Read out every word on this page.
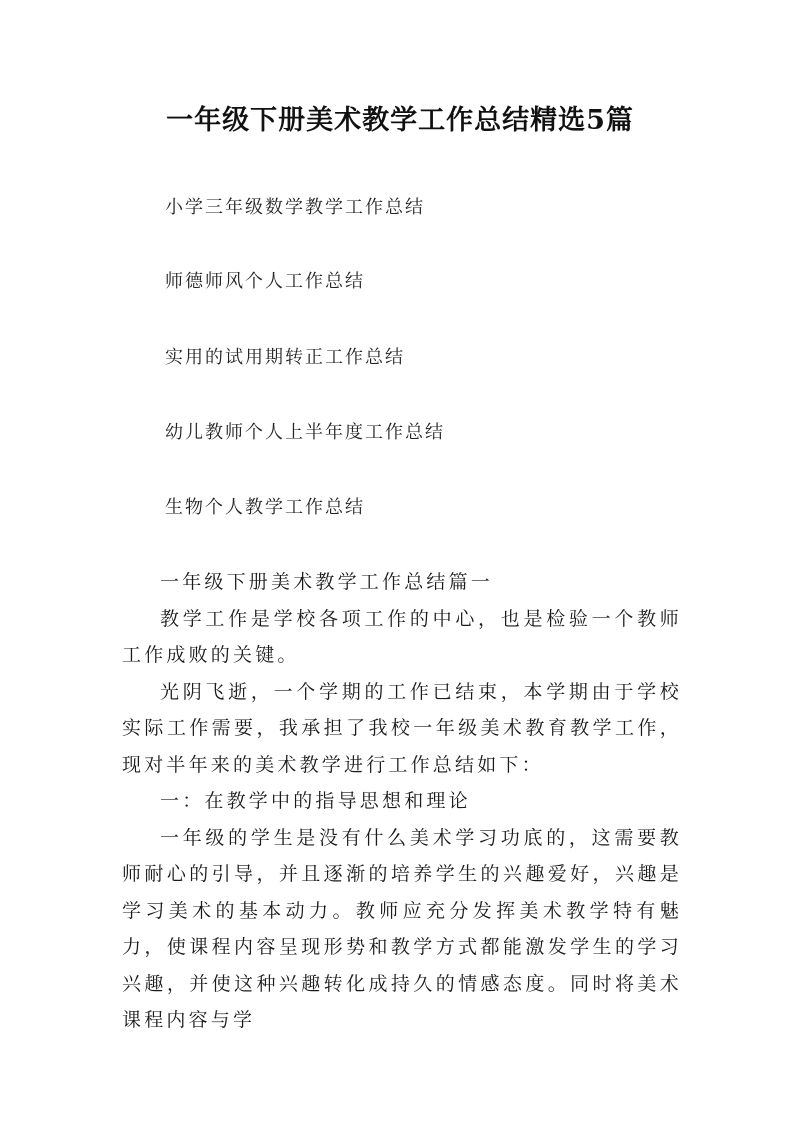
一年级下册美术教学工作总结精选5篇
小学三年级数学教学工作总结
师德师风个人工作总结
实用的试用期转正工作总结
幼儿教师个人上半年度工作总结
生物个人教学工作总结

一年级下册美术教学工作总结篇一

教学工作是学校各项工作的中心，也是检验一个教师工作成败的关键。

光阴飞逝，一个学期的工作已结束，本学期由于学校实际工作需要，我承担了我校一年级美术教育教学工作，现对半年来的美术教学进行工作总结如下：

一：在教学中的指导思想和理论

一年级的学生是没有什么美术学习功底的，这需要教师耐心的引导，并且逐渐的培养学生的兴趣爱好，兴趣是学习美术的基本动力。教师应充分发挥美术教学特有魅力，使课程内容呈现形势和教学方式都能激发学生的学习兴趣，并使这种兴趣转化成持久的情感态度。同时将美术课程内容与学
